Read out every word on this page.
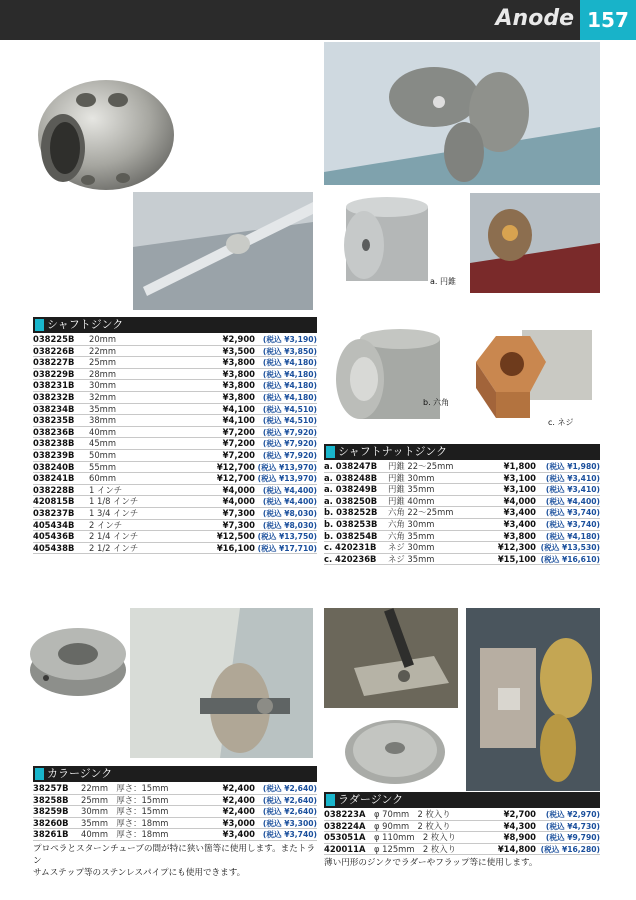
Anode 157
a. 円錐
b. 六角
c. ネジ
シャフトジンク
038225B 20mm	¥2,900 (税込 ¥3,190)
038226B 22mm	¥3,500 (税込 ¥3,850)
038227B 25mm	¥3,800 (税込 ¥4,180)
038229B 28mm	¥3,800 (税込 ¥4,180)
038231B 30mm	¥3,800 (税込 ¥4,180)
038232B 32mm	¥3,800 (税込 ¥4,180)
038234B 35mm	¥4,100 (税込 ¥4,510)
038235B 38mm	¥4,100 (税込 ¥4,510)
038236B 40mm	¥7,200 (税込 ¥7,920)
038238B 45mm	¥7,200 (税込 ¥7,920)
038239B 50mm	¥7,200 (税込 ¥7,920)
038240B 55mm	¥12,700 (税込 ¥13,970)
038241B 60mm	¥12,700 (税込 ¥13,970)
038228B 1 インチ	¥4,000 (税込 ¥4,400)
420815B 1 1/8 インチ	¥4,000 (税込 ¥4,400)
038237B 1 3/4 インチ	¥7,300 (税込 ¥8,030)
405434B 2 インチ	¥7,300 (税込 ¥8,030)
405436B 2 1/4 インチ	¥12,500 (税込 ¥13,750)
405438B 2 1/2 インチ	¥16,100 (税込 ¥17,710)
シャフトナットジンク
a. 038247B 円錐 22～25mm	¥1,800 (税込 ¥1,980)
a. 038248B 円錐 30mm	¥3,100 (税込 ¥3,410)
a. 038249B 円錐 35mm	¥3,100 (税込 ¥3,410)
a. 038250B 円錐 40mm	¥4,000 (税込 ¥4,400)
b. 038252B 六角 22～25mm	¥3,400 (税込 ¥3,740)
b. 038253B 六角 30mm	¥3,400 (税込 ¥3,740)
b. 038254B 六角 35mm	¥3,800 (税込 ¥4,180)
c. 420231B ネジ 30mm	¥12,300 (税込 ¥13,530)
c. 420236B ネジ 35mm	¥15,100 (税込 ¥16,610)
カラージンク
38257B 22mm　厚さ：15mm	¥2,400 (税込 ¥2,640)
38258B 25mm　厚さ：15mm	¥2,400 (税込 ¥2,640)
38259B 30mm　厚さ：15mm	¥2,400 (税込 ¥2,640)
38260B 35mm　厚さ：18mm	¥3,000 (税込 ¥3,300)
38261B 40mm　厚さ：18mm	¥3,400 (税込 ¥3,740)
プロペラとスターンチューブの間が特に狭い箇等に使用します。またトラン
サムステップ等のステンレスパイプにも使用できます。
ラダージンク
038223A φ 70mm　2 枚入り	¥2,700 (税込 ¥2,970)
038224A φ 90mm　2 枚入り	¥4,300 (税込 ¥4,730)
053051A φ 110mm　2 枚入り	¥8,900 (税込 ¥9,790)
420011A φ 125mm　2 枚入り	¥14,800 (税込 ¥16,280)
薄い円形のジンクでラダーやフラップ等に使用します。
